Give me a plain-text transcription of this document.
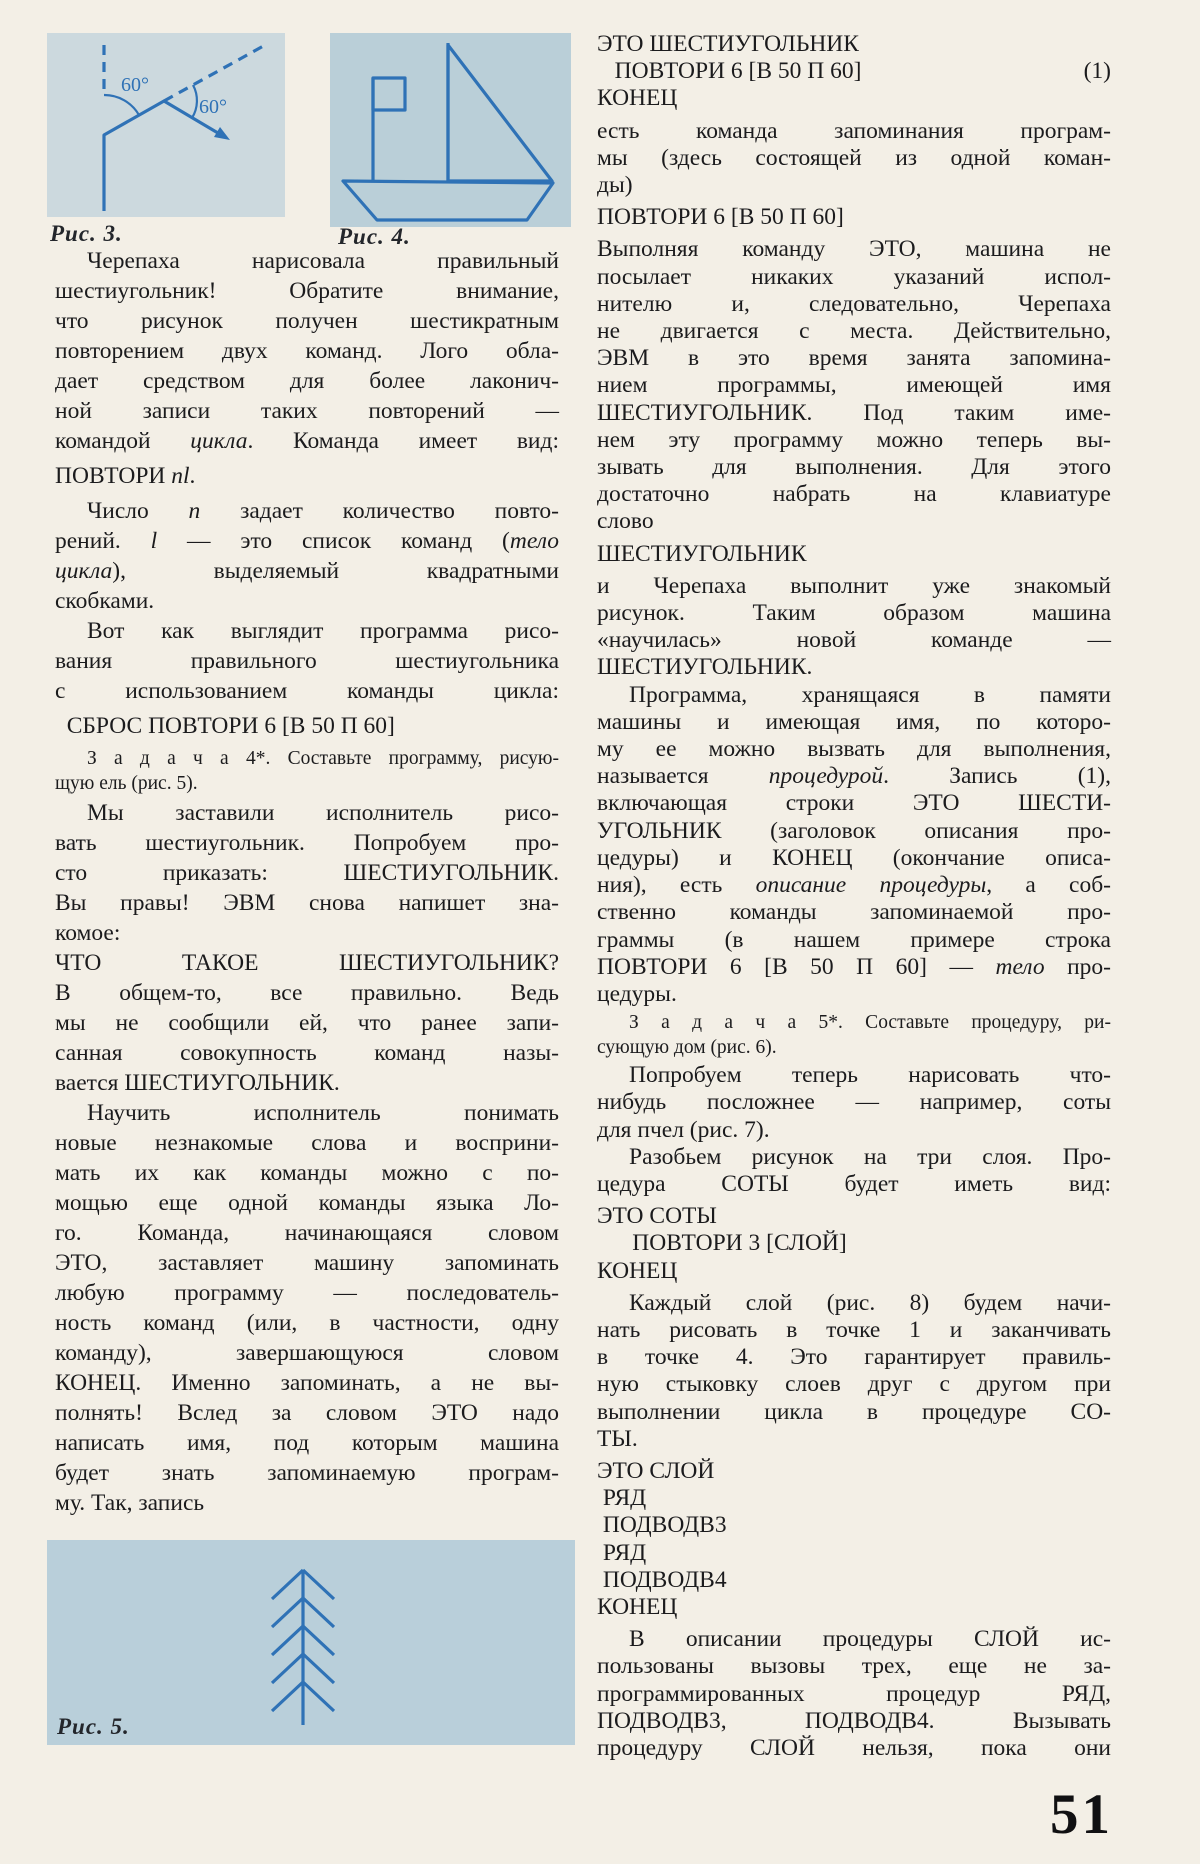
60°
60°
Рис. 3.	Рис. 4.
Рис. 5.
Черепаха нарисовала правильный
шестиугольник! Обратите внимание,
что рисунок получен шестикратным
повторением двух команд. Лого обла-
дает средством для более лаконич-
ной записи таких повторений —
командой цикла. Команда имеет вид:
ПОВТОРИ nl.
Число n задает количество повто-
рений. l — это список команд (тело
цикла), выделяемый квадратными
скобками.
Вот как выглядит программа рисо-
вания правильного шестиугольника
с использованием команды цикла:
СБРОС ПОВТОРИ 6 [В 50 П 60]
З а д а ч а 4*. Составьте программу, рисую-
щую ель (рис. 5).
Мы заставили исполнитель рисо-
вать шестиугольник. Попробуем про-
сто приказать: ШЕСТИУГОЛЬНИК.
Вы правы! ЭВМ снова напишет зна-
комое:
ЧТО ТАКОЕ ШЕСТИУГОЛЬНИК?
В общем-то, все правильно. Ведь
мы не сообщили ей, что ранее запи-
санная совокупность команд назы-
вается ШЕСТИУГОЛЬНИК.
Научить исполнитель понимать
новые незнакомые слова и восприни-
мать их как команды можно с по-
мощью еще одной команды языка Ло-
го. Команда, начинающаяся словом
ЭТО, заставляет машину запоминать
любую программу — последователь-
ность команд (или, в частности, одну
команду), завершающуюся словом
КОНЕЦ. Именно запоминать, а не вы-
полнять! Вслед за словом ЭТО надо
написать имя, под которым машина
будет знать запоминаемую програм-
му. Так, запись
ЭТО ШЕСТИУГОЛЬНИК
ПОВТОРИ 6 [В 50 П 60]	(1)
КОНЕЦ
есть команда запоминания програм-
мы (здесь состоящей из одной коман-
ды)
ПОВТОРИ 6 [В 50 П 60]
Выполняя команду ЭТО, машина не
посылает никаких указаний испол-
нителю и, следовательно, Черепаха
не двигается с места. Действительно,
ЭВМ в это время занята запомина-
нием программы, имеющей имя
ШЕСТИУГОЛЬНИК. Под таким име-
нем эту программу можно теперь вы-
зывать для выполнения. Для этого
достаточно набрать на клавиатуре
слово
ШЕСТИУГОЛЬНИК
и Черепаха выполнит уже знакомый
рисунок. Таким образом машина
«научилась» новой команде —
ШЕСТИУГОЛЬНИК.
Программа, хранящаяся в памяти
машины и имеющая имя, по которо-
му ее можно вызвать для выполнения,
называется процедурой. Запись (1),
включающая строки ЭТО ШЕСТИ-
УГОЛЬНИК (заголовок описания про-
цедуры) и КОНЕЦ (окончание описа-
ния), есть описание процедуры, а соб-
ственно команды запоминаемой про-
граммы (в нашем примере строка
ПОВТОРИ 6 [В 50 П 60] — тело про-
цедуры.
З а д а ч а 5*. Составьте процедуру, ри-
сующую дом (рис. 6).
Попробуем теперь нарисовать что-
нибудь посложнее — например, соты
для пчел (рис. 7).
Разобьем рисунок на три слоя. Про-
цедура СОТЫ будет иметь вид:
ЭТО СОТЫ
ПОВТОРИ 3 [СЛОЙ]
КОНЕЦ
Каждый слой (рис. 8) будем начи-
нать рисовать в точке 1 и заканчивать
в точке 4. Это гарантирует правиль-
ную стыковку слоев друг с другом при
выполнении цикла в процедуре СО-
ТЫ.
ЭТО СЛОЙ
РЯД
ПОДВОДВ3
РЯД
ПОДВОДВ4
КОНЕЦ
В описании процедуры СЛОЙ ис-
пользованы вызовы трех, еще не за-
программированных процедур РЯД,
ПОДВОДВ3, ПОДВОДВ4. Вызывать
процедуру СЛОЙ нельзя, пока они
51
